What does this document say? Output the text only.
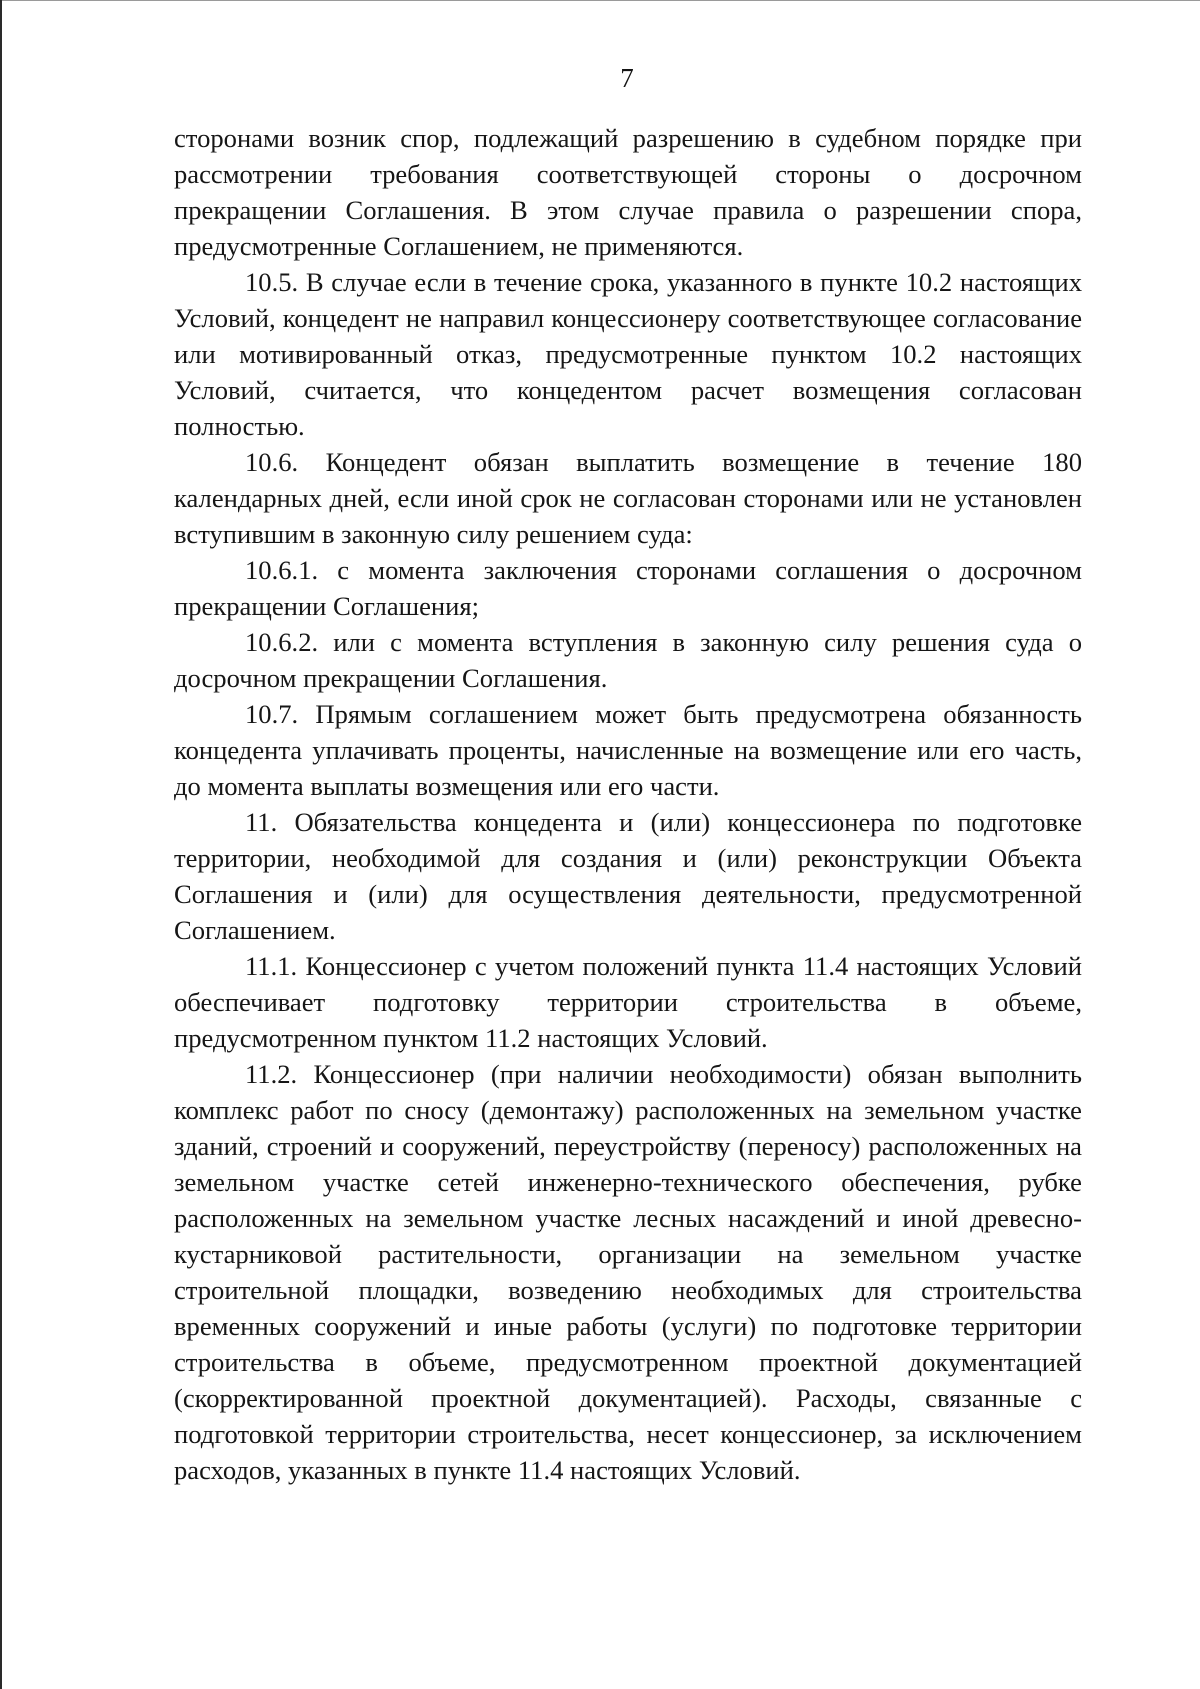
7

сторонами возник спор, подлежащий разрешению в судебном порядке при рассмотрении требования соответствующей стороны о досрочном прекращении Соглашения. В этом случае правила о разрешении спора, предусмотренные Соглашением, не применяются.

10.5. В случае если в течение срока, указанного в пункте 10.2 настоящих Условий, концедент не направил концессионеру соответствующее согласование или мотивированный отказ, предусмотренные пунктом 10.2 настоящих Условий, считается, что концедентом расчет возмещения согласован полностью.

10.6. Концедент обязан выплатить возмещение в течение 180 календарных дней, если иной срок не согласован сторонами или не установлен вступившим в законную силу решением суда:

10.6.1. с момента заключения сторонами соглашения о досрочном прекращении Соглашения;

10.6.2. или с момента вступления в законную силу решения суда о досрочном прекращении Соглашения.

10.7. Прямым соглашением может быть предусмотрена обязанность концедента уплачивать проценты, начисленные на возмещение или его часть, до момента выплаты возмещения или его части.

11. Обязательства концедента и (или) концессионера по подготовке территории, необходимой для создания и (или) реконструкции Объекта Соглашения и (или) для осуществления деятельности, предусмотренной Соглашением.

11.1. Концессионер с учетом положений пункта 11.4 настоящих Условий обеспечивает подготовку территории строительства в объеме, предусмотренном пунктом 11.2 настоящих Условий.

11.2. Концессионер (при наличии необходимости) обязан выполнить комплекс работ по сносу (демонтажу) расположенных на земельном участке зданий, строений и сооружений, переустройству (переносу) расположенных на земельном участке сетей инженерно-технического обеспечения, рубке расположенных на земельном участке лесных насаждений и иной древесно-кустарниковой растительности, организации на земельном участке строительной площадки, возведению необходимых для строительства временных сооружений и иные работы (услуги) по подготовке территории строительства в объеме, предусмотренном проектной документацией (скорректированной проектной документацией). Расходы, связанные с подготовкой территории строительства, несет концессионер, за исключением расходов, указанных в пункте 11.4 настоящих Условий.
